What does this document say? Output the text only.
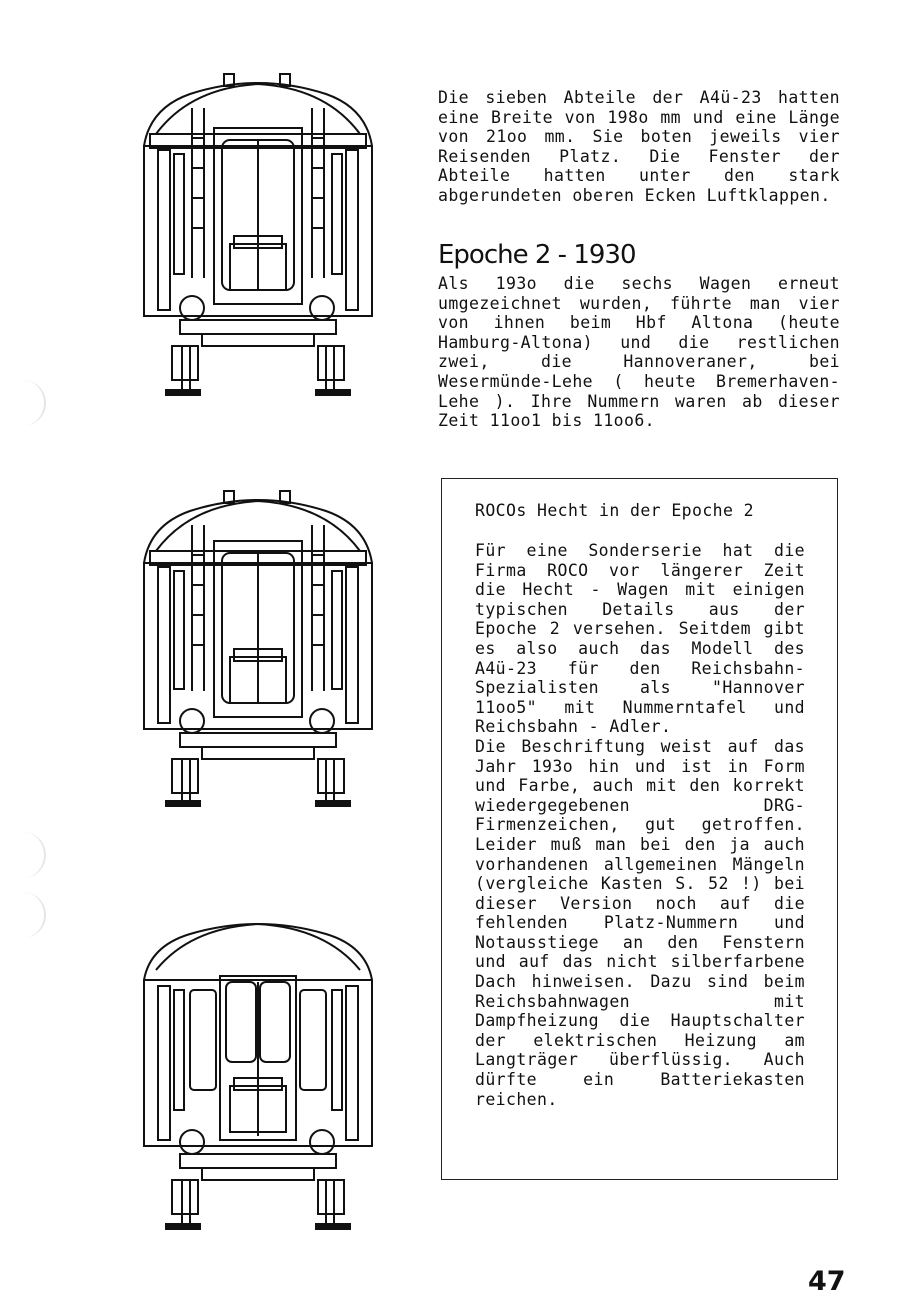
Die sieben Abteile der A4ü-23 hatten eine Breite von 198o mm und eine Länge von 21oo mm. Sie boten jeweils vier Reisenden Platz. Die Fenster der Abteile hatten unter den stark abgerundeten oberen Ecken Luftklappen.

Epoche 2 - 1930

Als 193o die sechs Wagen erneut umgezeichnet wurden, führte man vier von ihnen beim Hbf Altona (heute Hamburg-Altona) und die restlichen zwei, die Hannoveraner, bei Wesermünde-Lehe ( heute Bremerhaven-Lehe ). Ihre Nummern waren ab dieser Zeit 11oo1 bis 11oo6.

ROCOs Hecht in der Epoche 2

Für eine Sonderserie hat die Firma ROCO vor längerer Zeit die Hecht - Wagen mit einigen typischen Details aus der Epoche 2 versehen. Seitdem gibt es also auch das Modell des A4ü-23 für den Reichsbahn-Spezialisten als "Hannover 11oo5" mit Nummerntafel und Reichsbahn - Adler.
Die Beschriftung weist auf das Jahr 193o hin und ist in Form und Farbe, auch mit den korrekt wiedergegebenen DRG-Firmenzeichen, gut getroffen. Leider muß man bei den ja auch vorhandenen allgemeinen Mängeln (vergleiche Kasten S. 52 !) bei dieser Version noch auf die fehlenden Platz-Nummern und Notausstiege an den Fenstern und auf das nicht silberfarbene Dach hinweisen. Dazu sind beim Reichsbahnwagen mit Dampfheizung die Hauptschalter der elektrischen Heizung am Langträger überflüssig. Auch dürfte ein Batteriekasten reichen.

47
